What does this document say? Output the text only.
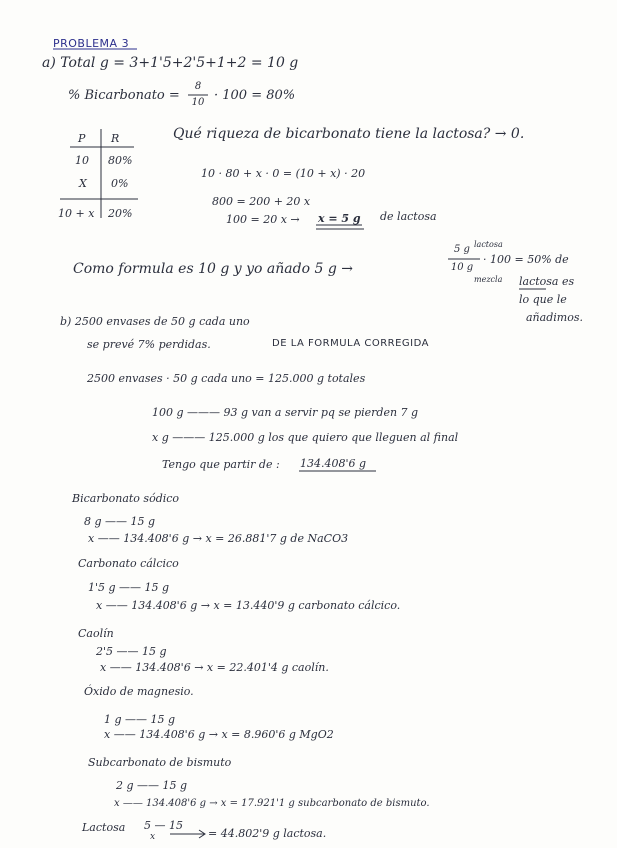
PROBLEMA 3
a) Total g = 3+1'5+2'5+1+2 = 10 g
% Bicarbonato =
8
10 · 100 = 80%
P R
10 80%
X 0%
10 + x 20%
Qué riqueza de bicarbonato tiene la lactosa? → 0.
10 · 80 + x · 0 = (10 + x) · 20
800 = 200 + 20 x
100 = 20 x → x = 5 g de lactosa
Como formula es 10 g y yo añado 5 g →
5 g lactosa
10 g
mezcla
· 100 = 50% de
lactosa es
lo que le
añadimos.
b) 2500 envases de 50 g cada uno
se prevé 7% perdidas.	DE LA FORMULA CORREGIDA
2500 envases · 50 g cada uno = 125.000 g totales
100 g ——— 93 g van a servir pq se pierden 7 g
x g ——— 125.000 g los que quiero que lleguen al final
Tengo que partir de : 134.408'6 g
Bicarbonato sódico
8 g —— 15 g
x —— 134.408'6 g → x = 26.881'7 g de NaCO3
Carbonato cálcico
1'5 g —— 15 g
x —— 134.408'6 g → x = 13.440'9 g carbonato cálcico.
Caolín
2'5 —— 15 g
x —— 134.408'6 → x = 22.401'4 g caolín.
Óxido de magnesio.
1 g —— 15 g
x —— 134.408'6 g → x = 8.960'6 g MgO2
Subcarbonato de bismuto
2 g —— 15 g
x —— 134.408'6 g → x = 17.921'1 g subcarbonato de bismuto.
Lactosa 5 — 15
x	= 44.802'9 g lactosa.
